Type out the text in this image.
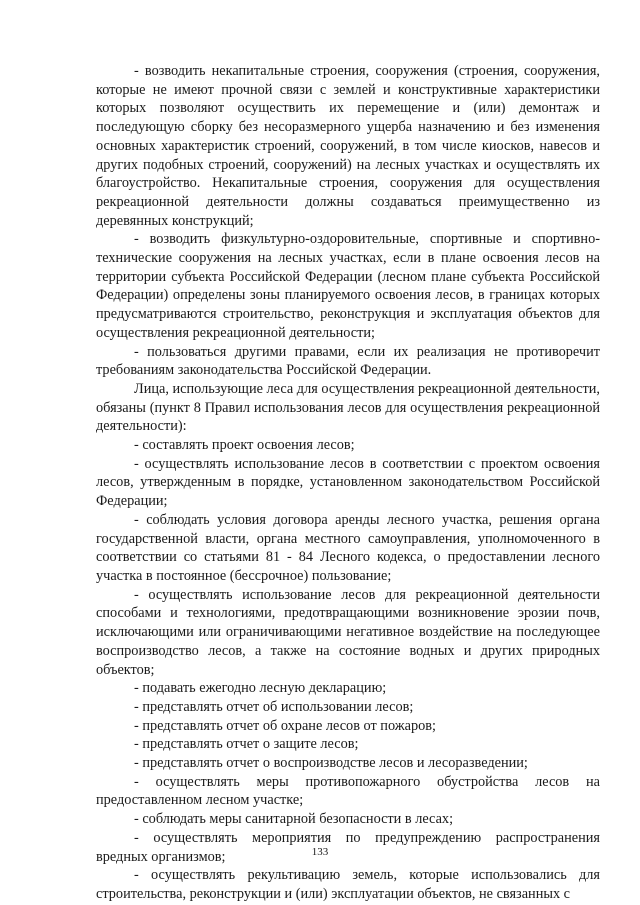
- возводить некапитальные строения, сооружения (строения, сооружения, которые не имеют прочной связи с землей и конструктивные характеристики которых позволяют осуществить их перемещение и (или) демонтаж и последующую сборку без несоразмерного ущерба назначению и без изменения основных характеристик строений, сооружений, в том числе киосков, навесов и других подобных строений, сооружений) на лесных участках и осуществлять их благоустройство. Некапитальные строения, сооружения для осуществления рекреационной деятельности должны создаваться преимущественно из деревянных конструкций;

- возводить физкультурно-оздоровительные, спортивные и спортивно-технические сооружения на лесных участках, если в плане освоения лесов на территории субъекта Российской Федерации (лесном плане субъекта Российской Федерации) определены зоны планируемого освоения лесов, в границах которых предусматриваются строительство, реконструкция и эксплуатация объектов для осуществления рекреационной деятельности;

- пользоваться другими правами, если их реализация не противоречит требованиям законодательства Российской Федерации.

Лица, использующие леса для осуществления рекреационной деятельности, обязаны (пункт 8 Правил использования лесов для осуществления рекреационной деятельности):

- составлять проект освоения лесов;

- осуществлять использование лесов в соответствии с проектом освоения лесов, утвержденным в порядке, установленном законодательством Российской Федерации;

- соблюдать условия договора аренды лесного участка, решения органа государственной власти, органа местного самоуправления, уполномоченного в соответствии со статьями 81 - 84 Лесного кодекса, о предоставлении лесного участка в постоянное (бессрочное) пользование;

- осуществлять использование лесов для рекреационной деятельности способами и технологиями, предотвращающими возникновение эрозии почв, исключающими или ограничивающими негативное воздействие на последующее воспроизводство лесов, а также на состояние водных и других природных объектов;

- подавать ежегодно лесную декларацию;

- представлять отчет об использовании лесов;

- представлять отчет об охране лесов от пожаров;

- представлять отчет о защите лесов;

- представлять отчет о воспроизводстве лесов и лесоразведении;

- осуществлять меры противопожарного обустройства лесов на предоставленном лесном участке;

- соблюдать меры санитарной безопасности в лесах;

- осуществлять мероприятия по предупреждению распространения вредных организмов;

- осуществлять рекультивацию земель, которые использовались для строительства, реконструкции и (или) эксплуатации объектов, не связанных с

133
